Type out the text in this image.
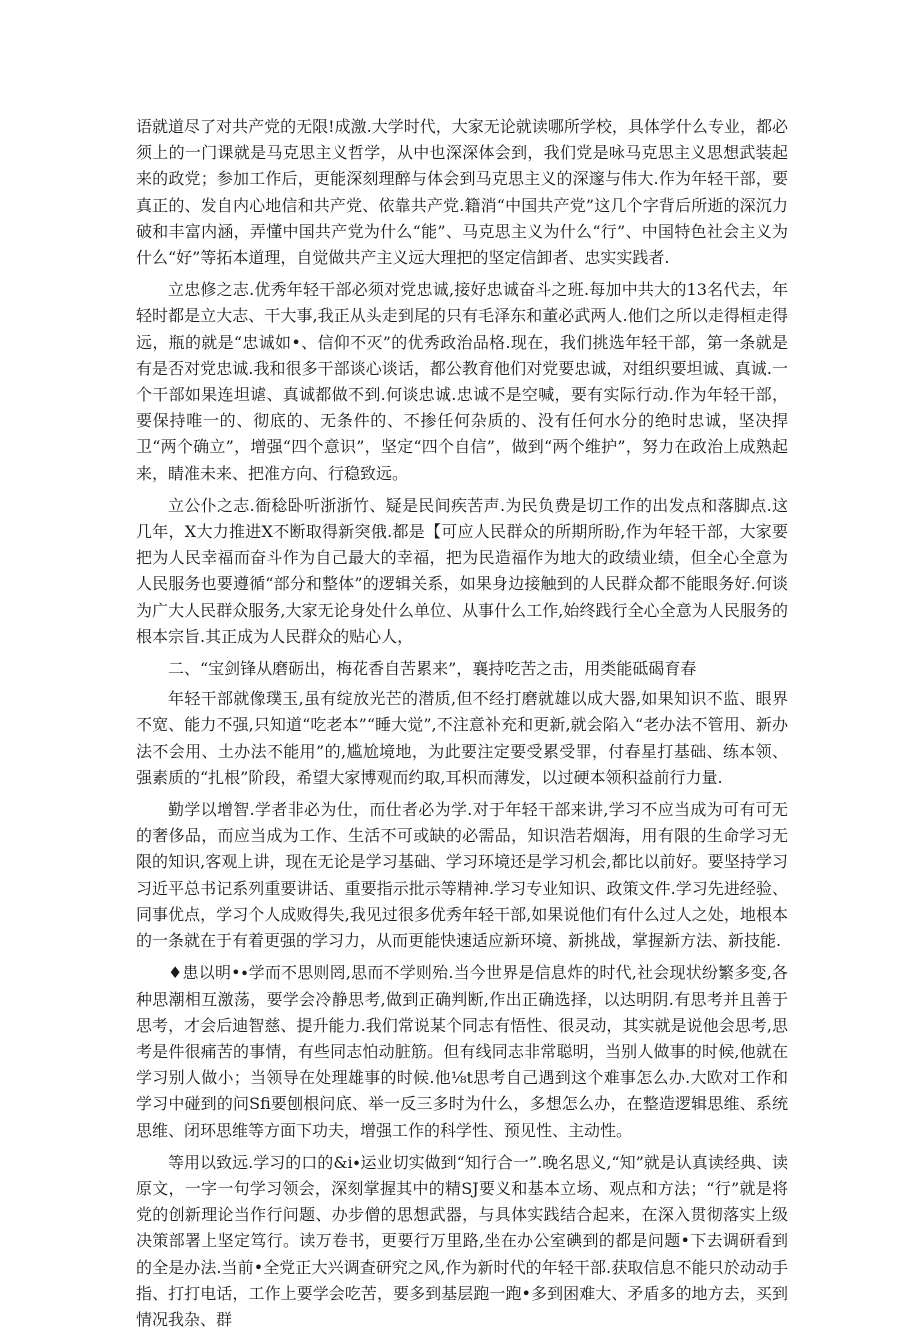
语就道尽了对共产党的无限!成激.大学时代，大家无论就读哪所学校，具体学什么专业，都必须上的一门课就是马克思主义哲学，从中也深深体会到，我们党是咏马克思主义思想武装起来的政党；参加工作后，更能深刻理醉与体会到马克思主义的深邃与伟大.作为年轻干部，要真正的、发自内心地信和共产党、依靠共产党.籍消“中国共产党”这几个字背后所逝的深沉力破和丰富内涵，弄懂中国共产党为什么“能”、马克思主义为什么“行”、中国特色社会主义为什么“好”等拓本道理，自觉做共产主义远大理把的坚定信卸者、忠实实践者.

立忠修之志.优秀年轻干部必须对党忠诚,接好忠诚奋斗之班.每加中共大的13名代去，年轻时都是立大志、干大事,我正从头走到尾的只有毛泽东和董必武两人.他们之所以走得桓走得远，瓶的就是“忠诚如•、信仰不灭”的优秀政治品格.现在，我们挑选年轻干部，第一条就是有是否对党忠诚.我和很多干部谈心谈话，都公教育他们对党要忠诚，对组织要坦诚、真诚.一个干部如果连坦谑、真诚都做不到.何谈忠诚.忠诚不是空喊，要有实际行动.作为年轻干部，要保持唯一的、彻底的、无条件的、不掺任何杂质的、没有任何水分的绝时忠诚，坚决捍卫“两个确立”，增强“四个意识”，坚定“四个自信”，做到“两个维护”，努力在政治上成熟起来，睛准未来、把准方向、行稳致远。

立公仆之志.衙稔卧听浙浙竹、疑是民间疾苦声.为民负费是切工作的出发点和落脚点.这几年，X大力推进X不断取得新突俄.都是【可应人民群众的所期所盼,作为年轻干部，大家要把为人民幸福而奋斗作为自己最大的幸福，把为民造福作为地大的政绩业绩，但全心全意为人民服务也要遵循“部分和整体”的逻辑关系，如果身边接触到的人民群众都不能眼务好.何谈为广大人民群众服务,大家无论身处什么单位、从事什么工作,始终践行全心全意为人民服务的根本宗旨.其正成为人民群众的贴心人，

二、“宝剑锋从磨砺出，梅花香自苦累来”，襄持吃苦之击，用类能砥碣育春

年轻干部就像璞玉,虽有绽放光芒的潜质,但不经打磨就雄以成大器,如果知识不监、眼界不宽、能力不强,只知道“吃老本”“睡大觉”,不注意补充和更新,就会陷入“老办法不管用、新办法不会用、土办法不能用”的,尴尬境地，为此要注定要受累受罪，付春星打基础、练本领、强素质的“扎根”阶段，希望大家博观而约取,耳枳而薄发，以过硬本领积益前行力量.

勤学以增智.学者非必为仕，而仕者必为学.对于年轻干部来讲,学习不应当成为可有可无的奢侈品，而应当成为工作、生活不可或缺的必需品，知识浩若烟海，用有限的生命学习无限的知识,客观上讲，现在无论是学习基础、学习环境还是学习机会,都比以前好。要坚持学习习近平总书记系列重要讲话、重要指示批示等精神.学习专业知识、政策文件.学习先进经验、同事优点，学习个人成败得失,我见过很多优秀年轻干部,如果说他们有什么过人之处，地根本的一条就在于有着更强的学习力，从而更能快速适应新环境、新挑战，掌握新方法、新技能.

♦患以明•∙学而不思则罔,思而不学则殆.当今世界是信息炸的时代,社会现状纷繁多变,各种思潮相互激荡，要学会冷静思考,做到正确判断,作出正确选择，以达明阴.有思考并且善于思考，才会后迪智慈、提升能力.我们常说某个同志有悟性、很灵动，其实就是说他会思考,思考是件很痛苦的事情，有些同志怕动脏筋。但有线同志非常聪明，当别人做事的时候,他就在学习别人做小；当领导在处理雄事的时候.他⅛t思考自己遇到这个难事怎么办.大欧对工作和学习中碰到的问Sfi要刨根问底、举一反三多时为什么，多想怎么办，在整造逻辑思维、系统思维、闭环思维等方面下功夫，增强工作的科学性、预见性、主动性。

等用以致远.学习的口的&i∙运业切实做到“知行合一”.晚名思义,“知”就是认真读经典、读原文，一字一句学习领会，深刻掌握其中的精SJ要义和基本立场、观点和方法；“行”就是将党的创新理论当作行问题、办步僧的思想武器，与具体实践结合起来，在深入贯彻落实上级决策部署上坚定笃行。读万卷书，更要行万里路,坐在办公室碘到的都是问题•下去调研看到的全是办法.当前•全党正大兴调查研究之风,作为新时代的年轻干部.获取信息不能只於动动手指、打打电话，工作上要学会吃苦，要多到基层跑一跑•多到困难大、矛盾多的地方去，买到情况我杂、群
